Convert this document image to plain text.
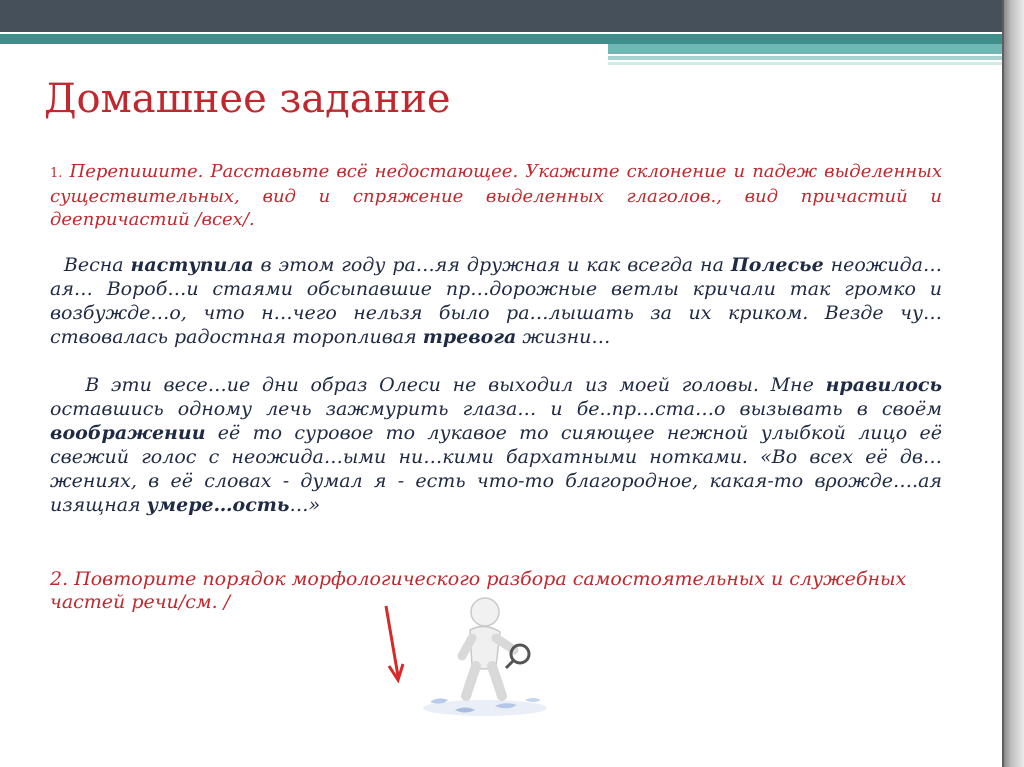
Домашнее задание
1. Перепишите. Расставьте всё недостающее. Укажите склонение и падеж выделенных существительных, вид и спряжение выделенных глаголов., вид причастий и деепричастий /всех/.
Весна наступила в этом году ра…яя дружная и как всегда на Полесье неожида…ая… Вороб…и стаями обсыпавшие пр…дорожные ветлы кричали так громко и возбужде…о, что н…чего нельзя было ра…лышать за их криком. Везде чу…ствовалась радостная торопливая тревога жизни…
В эти весе…ие дни образ Олеси не выходил из моей головы. Мне нравилось оставшись одному лечь зажмурить глаза… и бе..пр…ста…о вызывать в своём воображении её то суровое то лукавое то сияющее нежной улыбкой лицо её свежий голос с неожида…ыми ни…кими бархатными нотками. «Во всех её дв…жениях, в её словах - думал я - есть что-то благородное, какая-то вρожде….ая изящная умере…ость…»
2. Повторите порядок морфологического разбора самостоятельных и служебных частей речи/см. /
